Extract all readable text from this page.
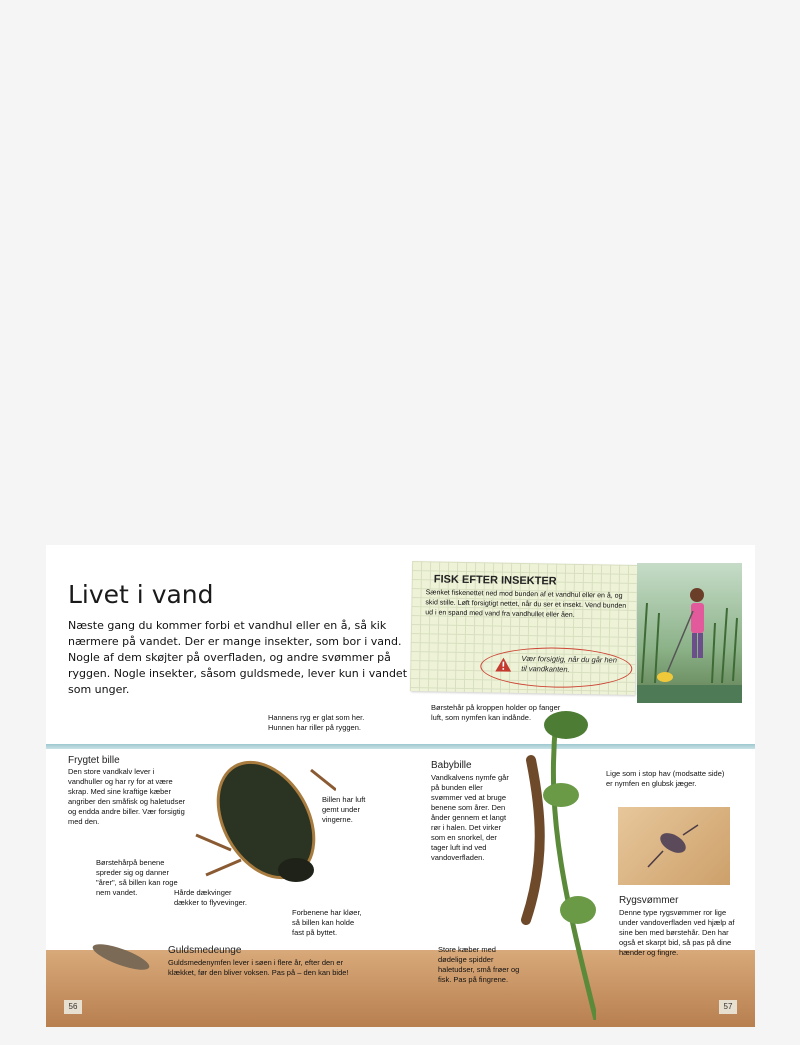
Livet i vand
Næste gang du kommer forbi et vandhul eller en å, så kik nærmere på vandet. Der er mange insekter, som bor i vand. Nogle af dem skøjter på overfladen, og andre svømmer på ryggen. Nogle insekter, såsom guldsmede, lever kun i vandet som unger.
FISK EFTER INSEKTER
Sænket fiskenettet ned mod bunden af et vandhul eller en å, og skid stille. Løft forsigtigt nettet, når du ser et insekt. Vend bunden ud i en spand med vand fra vandhullet eller åen.
Vær forsigtig, når du går hen til vandkanten.
Hannens ryg er glat som her. Hunnen har riller på ryggen.
Frygtet bille
Den store vandkalv lever i vandhuller og har ry for at være skrap. Med sine kraftige kæber angriber den småfisk og haletudser og endda andre biller. Vær forsigtig med den.
Billen har luft gemt under vingerne.
Børstehårpå benene spreder sig og danner "årer", så billen kan roge nem vandet.	Hårde dækvinger dækker to flyvevinger.
Forbenene har kløer, så billen kan holde fast på byttet.
Guldsmedeunge
Guldsmedenymfen lever i søen i flere år, efter den er klækket, før den bliver voksen. Pas på – den kan bide!
Børstehår på kroppen holder op fanger luft, som nymfen kan indånde.
Babybille
Vandkalvens nymfe går på bunden eller svømmer ved at bruge benene som årer. Den ånder gennem et langt rør i halen. Det virker som en snorkel, der tager luft ind ved vandoverfladen.
Store kæber med dødelige spidder haletudser, små frøer og fisk. Pas på fingrene.
Lige som i stop hav (modsatte side) er nymfen en glubsk jæger.
Rygsvømmer
Denne type rygsvømmer ror lige under vandoverfladen ved hjælp af sine ben med børstehår. Den har også et skarpt bid, så pas på dine hænder og fingre.
56	57
